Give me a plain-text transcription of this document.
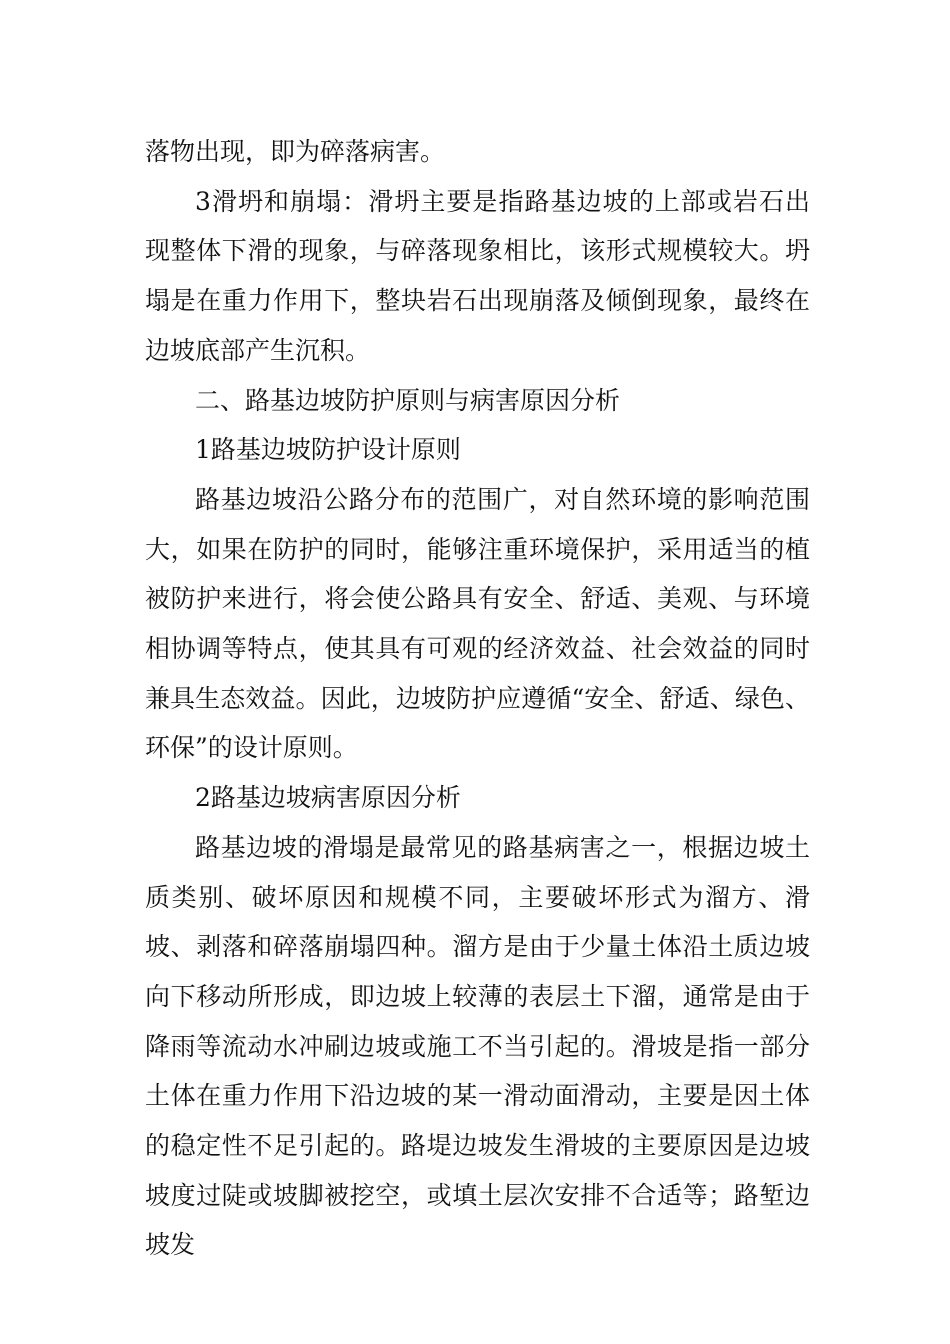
落物出现，即为碎落病害。

3滑坍和崩塌：滑坍主要是指路基边坡的上部或岩石出现整体下滑的现象，与碎落现象相比，该形式规模较大。坍塌是在重力作用下，整块岩石出现崩落及倾倒现象，最终在边坡底部产生沉积。

二、路基边坡防护原则与病害原因分析

1路基边坡防护设计原则

路基边坡沿公路分布的范围广，对自然环境的影响范围大，如果在防护的同时，能够注重环境保护，采用适当的植被防护来进行，将会使公路具有安全、舒适、美观、与环境相协调等特点，使其具有可观的经济效益、社会效益的同时兼具生态效益。因此，边坡防护应遵循“安全、舒适、绿色、环保”的设计原则。

2路基边坡病害原因分析

路基边坡的滑塌是最常见的路基病害之一，根据边坡土质类别、破坏原因和规模不同，主要破坏形式为溜方、滑坡、剥落和碎落崩塌四种。溜方是由于少量土体沿土质边坡向下移动所形成，即边坡上较薄的表层土下溜，通常是由于降雨等流动水冲刷边坡或施工不当引起的。滑坡是指一部分土体在重力作用下沿边坡的某一滑动面滑动，主要是因土体的稳定性不足引起的。路堤边坡发生滑坡的主要原因是边坡坡度过陡或坡脚被挖空，或填土层次安排不合适等；路堑边坡发
